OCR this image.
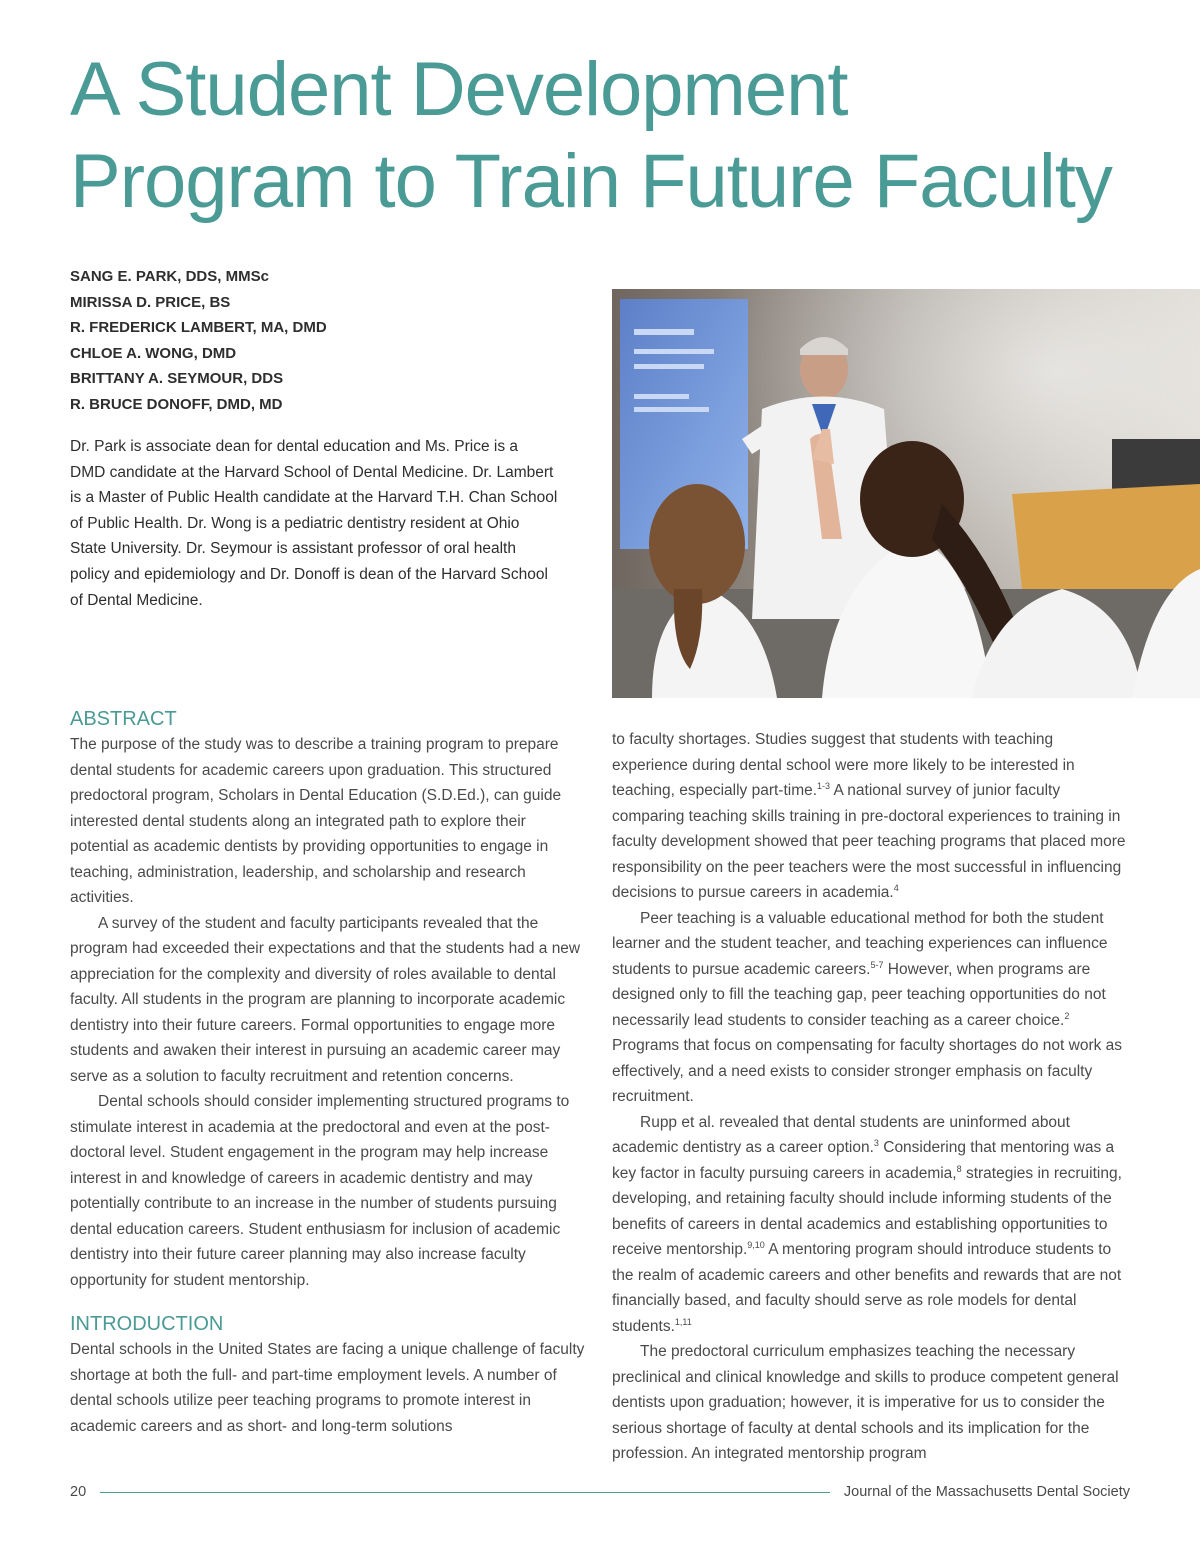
A Student Development
Program to Train Future Faculty
SANG E. PARK, DDS, MMSc
MIRISSA D. PRICE, BS
R. FREDERICK LAMBERT, MA, DMD
CHLOE A. WONG, DMD
BRITTANY A. SEYMOUR, DDS
R. BRUCE DONOFF, DMD, MD

Dr. Park is associate dean for dental education and Ms. Price is a
DMD candidate at the Harvard School of Dental Medicine. Dr. Lambert
is a Master of Public Health candidate at the Harvard T.H. Chan School
of Public Health. Dr. Wong is a pediatric dentistry resident at Ohio
State University. Dr. Seymour is assistant professor of oral health
policy and epidemiology and Dr. Donoff is dean of the Harvard School
of Dental Medicine.

ABSTRACT

The purpose of the study was to describe a training program to prepare dental students for academic careers upon graduation. This structured predoctoral program, Scholars in Dental Education (S.D.Ed.), can guide interested dental students along an integrated path to explore their potential as academic dentists by providing opportunities to engage in teaching, administration, leadership, and scholarship and research activities.

A survey of the student and faculty participants revealed that the program had exceeded their expectations and that the students had a new appreciation for the complexity and diversity of roles available to dental faculty. All students in the program are planning to incorporate academic dentistry into their future careers. Formal opportunities to engage more students and awaken their interest in pursuing an academic career may serve as a solution to faculty recruitment and retention concerns.

Dental schools should consider implementing structured programs to stimulate interest in academia at the predoctoral and even at the post-doctoral level. Student engagement in the program may help increase interest in and knowledge of careers in academic dentistry and may potentially contribute to an increase in the number of students pursuing dental education careers. Student enthusiasm for inclusion of academic dentistry into their future career planning may also increase faculty opportunity for student mentorship.

INTRODUCTION

Dental schools in the United States are facing a unique challenge of faculty shortage at both the full- and part-time employment levels. A number of dental schools utilize peer teaching programs to promote interest in academic careers and as short- and long-term solutions

to faculty shortages. Studies suggest that students with teaching experience during dental school were more likely to be interested in teaching, especially part-time.$^{1-3}$ A national survey of junior faculty comparing teaching skills training in pre-doctoral experiences to training in faculty development showed that peer teaching programs that placed more responsibility on the peer teachers were the most successful in influencing decisions to pursue careers in academia.$^4$

Peer teaching is a valuable educational method for both the student learner and the student teacher, and teaching experiences can influence students to pursue academic careers.$^{5-7}$ However, when programs are designed only to fill the teaching gap, peer teaching opportunities do not necessarily lead students to consider teaching as a career choice.$^2$ Programs that focus on compensating for faculty shortages do not work as effectively, and a need exists to consider stronger emphasis on faculty recruitment.

Rupp et al. revealed that dental students are uninformed about academic dentistry as a career option.$^3$ Considering that mentoring was a key factor in faculty pursuing careers in academia,$^8$ strategies in recruiting, developing, and retaining faculty should include informing students of the benefits of careers in dental academics and establishing opportunities to receive mentorship.$^{9,10}$ A mentoring program should introduce students to the realm of academic careers and other benefits and rewards that are not financially based, and faculty should serve as role models for dental students.$^{1,11}$

The predoctoral curriculum emphasizes teaching the necessary preclinical and clinical knowledge and skills to produce competent general dentists upon graduation; however, it is imperative for us to consider the serious shortage of faculty at dental schools and its implication for the profession. An integrated mentorship program

20	Journal of the Massachusetts Dental Society
